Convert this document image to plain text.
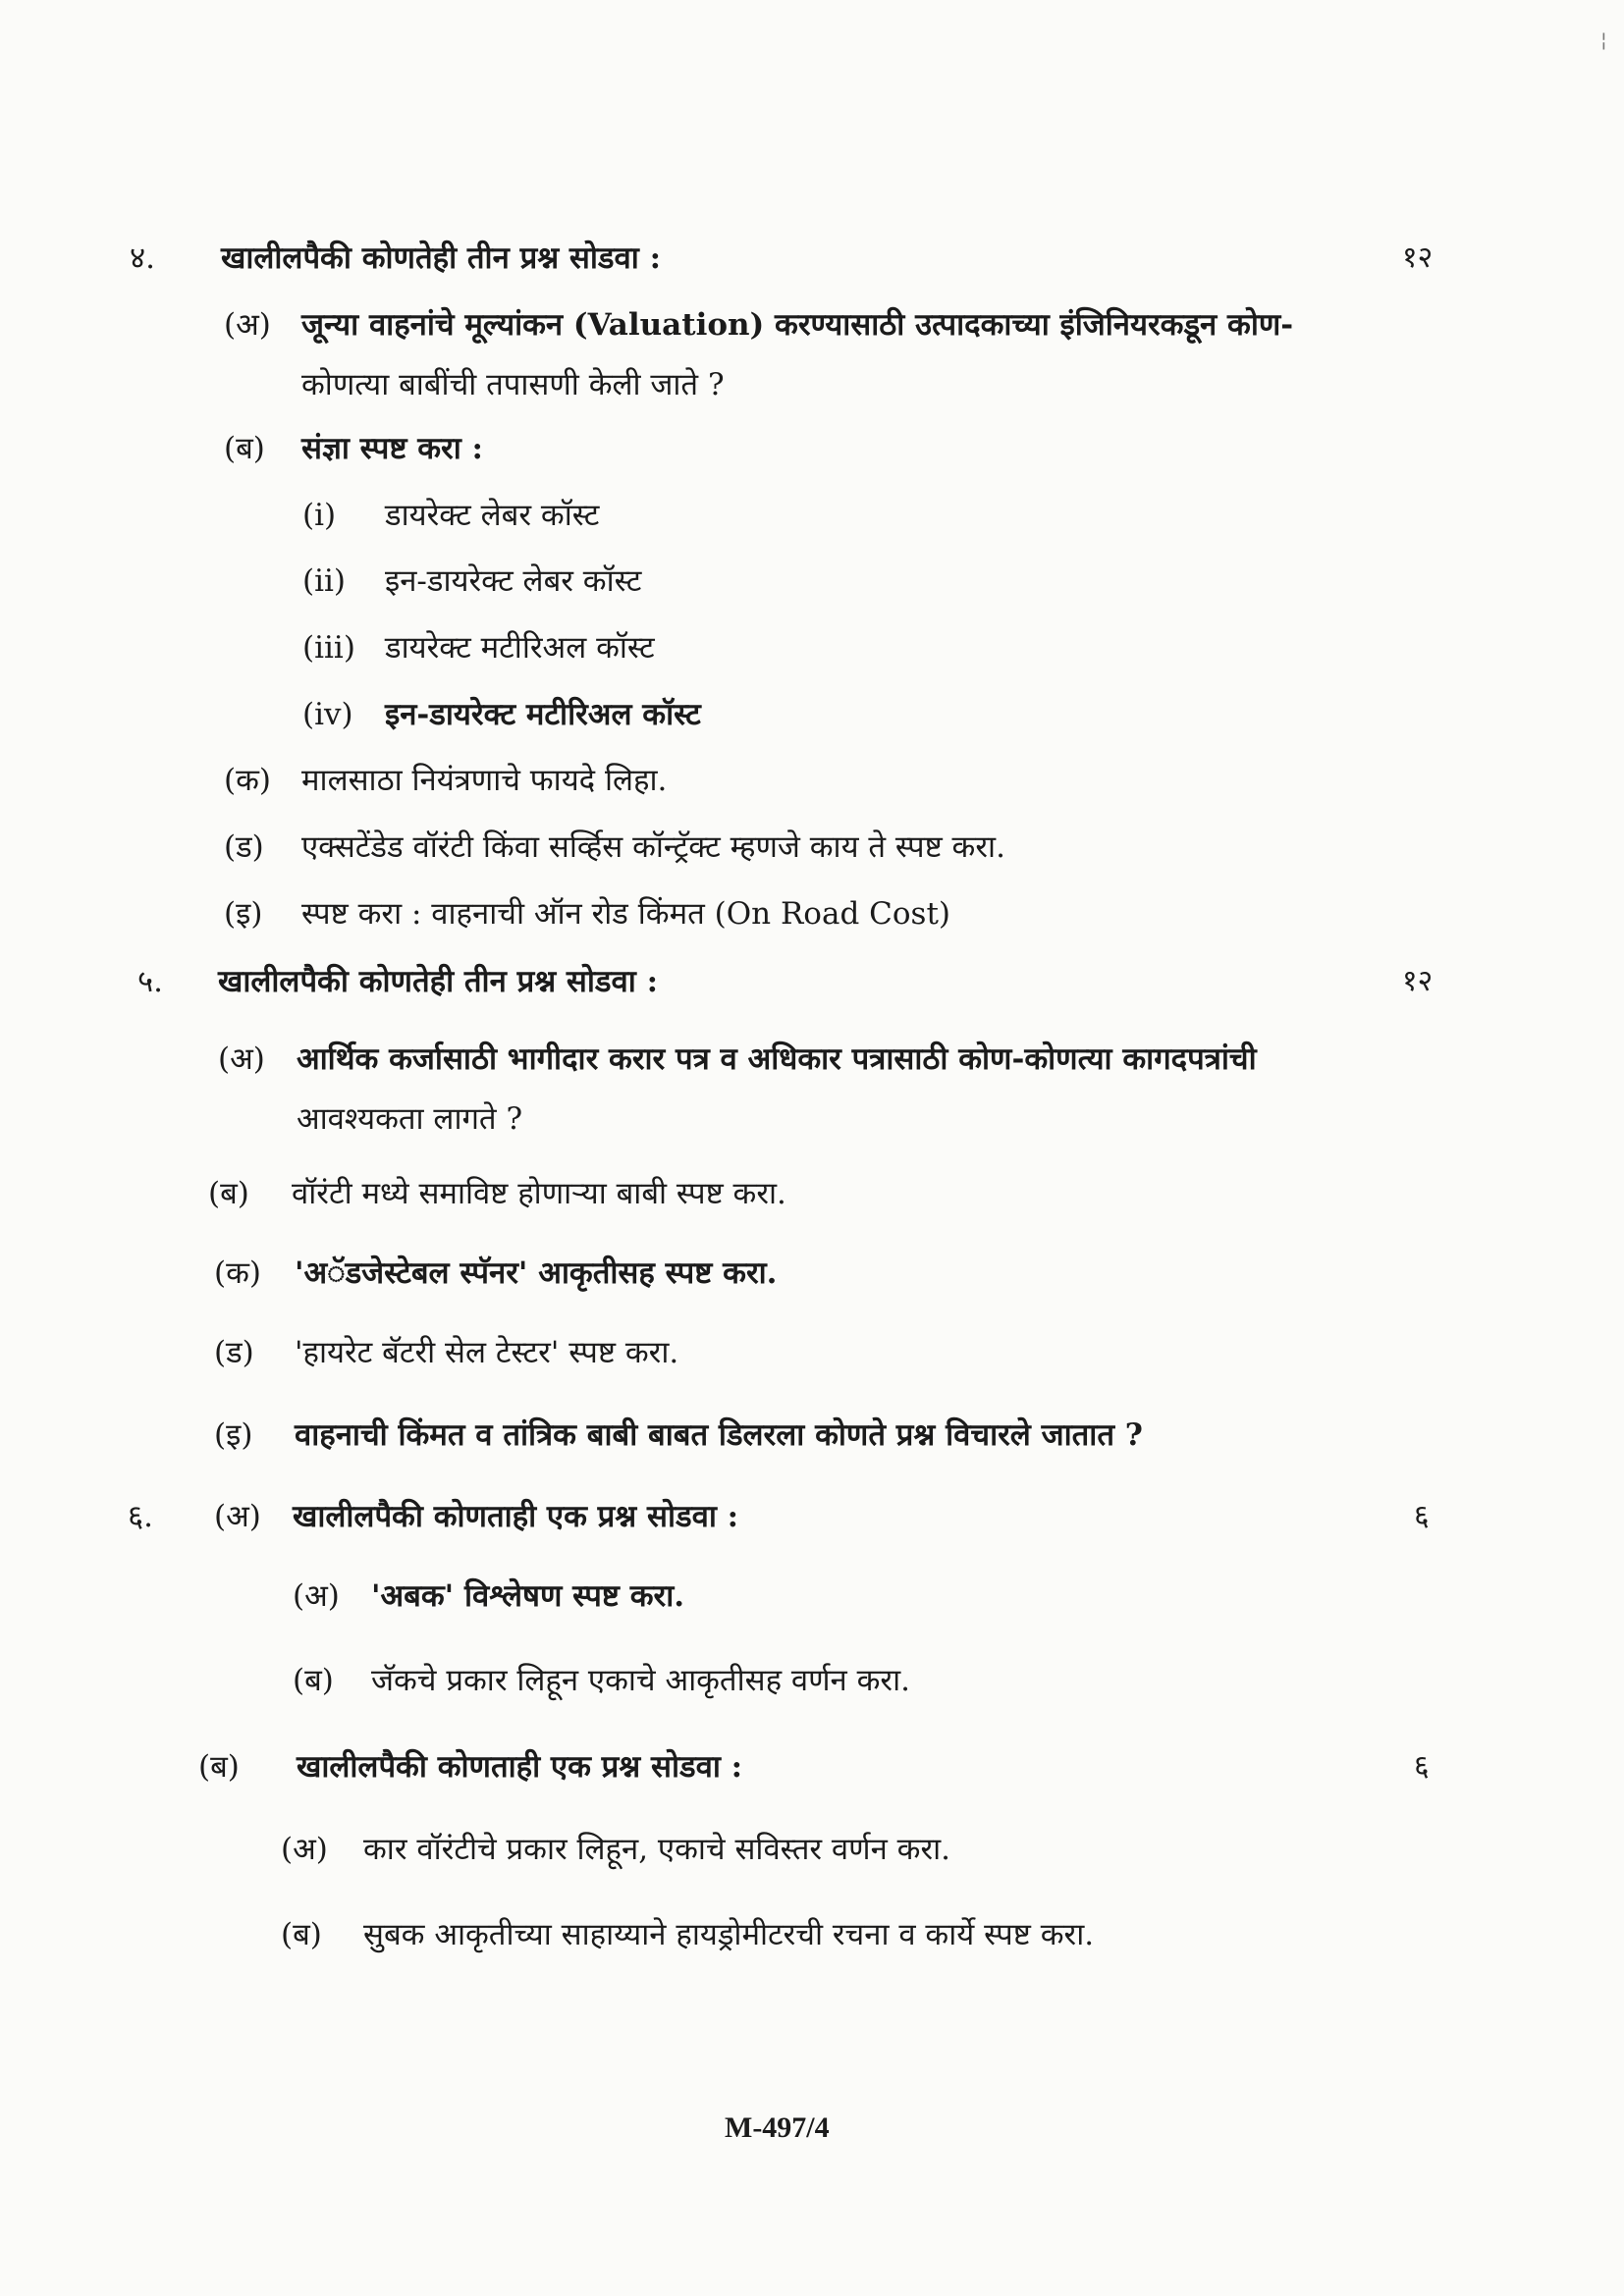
¦
४. खालीलपैकी कोणतेही तीन प्रश्न सोडवा :	१२
(अ) जून्या वाहनांचे मूल्यांकन (Valuation) करण्यासाठी उत्पादकाच्या इंजिनियरकडून कोण-
कोणत्या बाबींची तपासणी केली जाते ?
(ब) संज्ञा स्पष्ट करा :
(i) डायरेक्ट लेबर कॉस्ट
(ii) इन-डायरेक्ट लेबर कॉस्ट
(iii) डायरेक्ट मटीरिअल कॉस्ट
(iv) इन-डायरेक्ट मटीरिअल कॉस्ट
(क) मालसाठा नियंत्रणाचे फायदे लिहा.
(ड) एक्सटेंडेड वॉरंटी किंवा सर्व्हिस कॉन्ट्रॅक्ट म्हणजे काय ते स्पष्ट करा.
(इ) स्पष्ट करा : वाहनाची ऑन रोड किंमत (On Road Cost)
५. खालीलपैकी कोणतेही तीन प्रश्न सोडवा :	१२
(अ) आर्थिक कर्जासाठी भागीदार करार पत्र व अधिकार पत्रासाठी कोण-कोणत्या कागदपत्रांची
आवश्यकता लागते ?
(ब) वॉरंटी मध्ये समाविष्ट होणाऱ्या बाबी स्पष्ट करा.
(क) 'अॅडजेस्टेबल स्पॅनर' आकृतीसह स्पष्ट करा.
(ड) 'हायरेट बॅटरी सेल टेस्टर' स्पष्ट करा.
(इ) वाहनाची किंमत व तांत्रिक बाबी बाबत डिलरला कोणते प्रश्न विचारले जातात ?
६. (अ) खालीलपैकी कोणताही एक प्रश्न सोडवा :	६
(अ) 'अबक' विश्लेषण स्पष्ट करा.
(ब) जॅकचे प्रकार लिहून एकाचे आकृतीसह वर्णन करा.
(ब) खालीलपैकी कोणताही एक प्रश्न सोडवा :	६
(अ) कार वॉरंटीचे प्रकार लिहून, एकाचे सविस्तर वर्णन करा.
(ब) सुबक आकृतीच्या साहाय्याने हायड्रोमीटरची रचना व कार्ये स्पष्ट करा.
M-497/4
